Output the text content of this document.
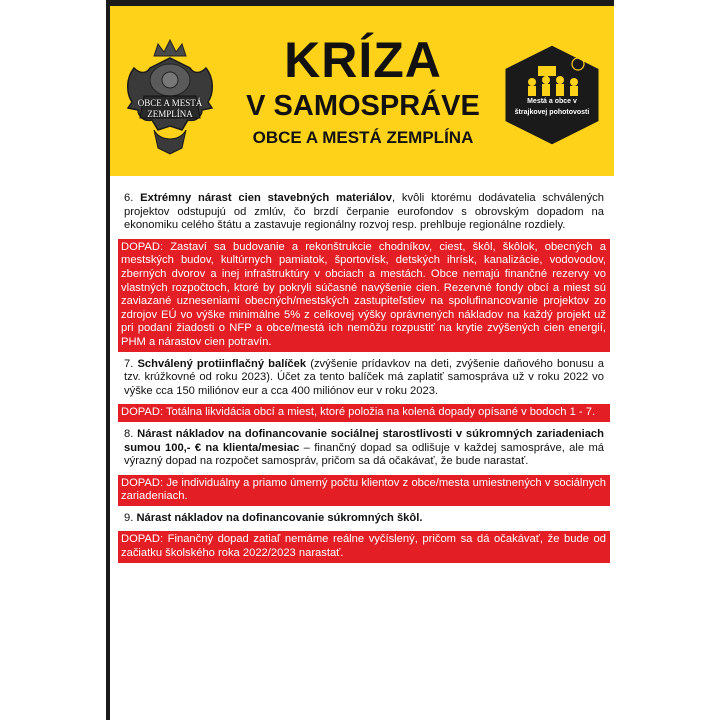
OBCE A MESTÁ
ZEMPLÍNA
KRÍZA
V SAMOSPRÁVE
OBCE A MESTÁ ZEMPLÍNA
Mestá a obce v
štrajkovej pohotovosti

6. Extrémny nárast cien stavebných materiálov, kvôli ktorému dodávatelia schválených projektov odstupujú od zmlúv, čo brzdí čerpanie eurofondov s obrovským dopadom na ekonomiku celého štátu a zastavuje regionálny rozvoj resp. prehlbuje regionálne rozdiely.

DOPAD: Zastaví sa budovanie a rekonštrukcie chodníkov, ciest, škôl, škôlok, obecných a mestských budov, kultúrnych pamiatok, športovísk, detských ihrísk, kanalizácie, vodovodov, zberných dvorov a inej infraštruktúry v obciach a mestách. Obce nemajú finančné rezervy vo vlastných rozpočtoch, ktoré by pokryli súčasné navýšenie cien. Rezervné fondy obcí a miest sú zaviazané uzneseniami obecných/mestských zastupiteľstiev na spolufinancovanie projektov zo zdrojov EÚ vo výške minimálne 5% z celkovej výšky oprávnených nákladov na každý projekt už pri podaní žiadosti o NFP a obce/mestá ich nemôžu rozpustiť na krytie zvýšených cien energií, PHM a nárastov cien potravín.

7. Schválený protiinflačný balíček (zvýšenie prídavkov na deti, zvýšenie daňového bonusu a tzv. krúžkovné od roku 2023). Účet za tento balíček má zaplatiť samospráva už v roku 2022 vo výške cca 150 miliónov eur a cca 400 miliónov eur v roku 2023.

DOPAD: Totálna likvidácia obcí a miest, ktoré položia na kolená dopady opísané v bodoch 1 - 7.

8. Nárast nákladov na dofinancovanie sociálnej starostlivosti v súkromných zariadeniach sumou 100,- € na klienta/mesiac – finančný dopad sa odlišuje v každej samospráve, ale má výrazný dopad na rozpočet samospráv, pričom sa dá očakávať, že bude narastať.

DOPAD: Je individuálny a priamo úmerný počtu klientov z obce/mesta umiestnených v sociálnych zariadeniach.

9. Nárast nákladov na dofinancovanie súkromných škôl.

DOPAD: Finančný dopad zatiaľ nemáme reálne vyčíslený, pričom sa dá očakávať, že bude od začiatku školského roka 2022/2023 narastať.
